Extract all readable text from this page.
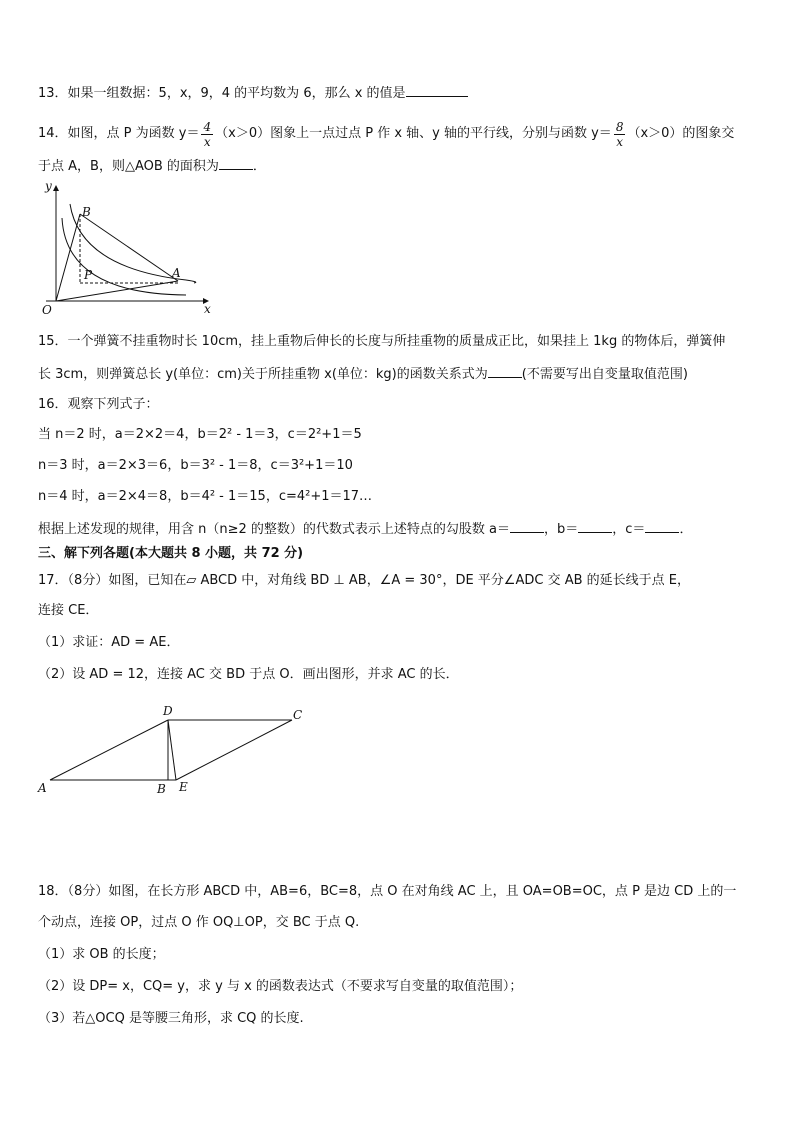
13．如果一组数据：5，x，9，4 的平均数为 6，那么 x 的值是
14．如图，点 P 为函数 $y= \frac{4}{x} (x>0)$图象上一点过点 P 作 x 轴、y 轴的平行线，分别与函数 $y= \frac{8}{x} (x>0)$的图象交
于点 A，B，则△AOB 的面积为	．
y
x
O
B
P	A
15．一个弹簧不挂重物时长 10cm，挂上重物后伸长的长度与所挂重物的质量成正比，如果挂上 1kg 的物体后，弹簧伸
长 3cm，则弹簧总长 y(单位：cm)关于所挂重物 x(单位：kg)的函数关系式为	(不需要写出自变量取值范围)
16．观察下列式子：
当 n＝2 时，a＝2×2＝4，b＝2² - 1＝3，c＝2²+1＝5
n＝3 时，a＝2×3＝6，b＝3² - 1＝8，c＝3²+1＝10
n＝4 时，a＝2×4＝8，b＝4² - 1＝15，c=4²+1＝17…
根据上述发现的规律，用含 n（n≥2 的整数）的代数式表示上述特点的勾股数 a＝	，b＝	，c＝	．
三、解下列各题(本大题共 8 小题，共 72 分)
17．（8分）如图，已知在▱ ABCD 中，对角线 BD ⊥ AB，∠A = 30°，DE 平分∠ADC 交 AB 的延长线于点 E，
连接 CE．
（1）求证：AD = AE．
（2）设 AD = 12，连接 AC 交 BD 于点 O．画出图形，并求 AC 的长．
A	B E
D	C
18．（8分）如图，在长方形 ABCD 中，AB=6，BC=8，点 O 在对角线 AC 上，且 OA=OB=OC，点 P 是边 CD 上的一
个动点，连接 OP，过点 O 作 OQ⊥OP，交 BC 于点 Q.
（1）求 OB 的长度；
（2）设 DP= x，CQ= y，求 y 与 x 的函数表达式（不要求写自变量的取值范围）；
（3）若△OCQ 是等腰三角形，求 CQ 的长度.
